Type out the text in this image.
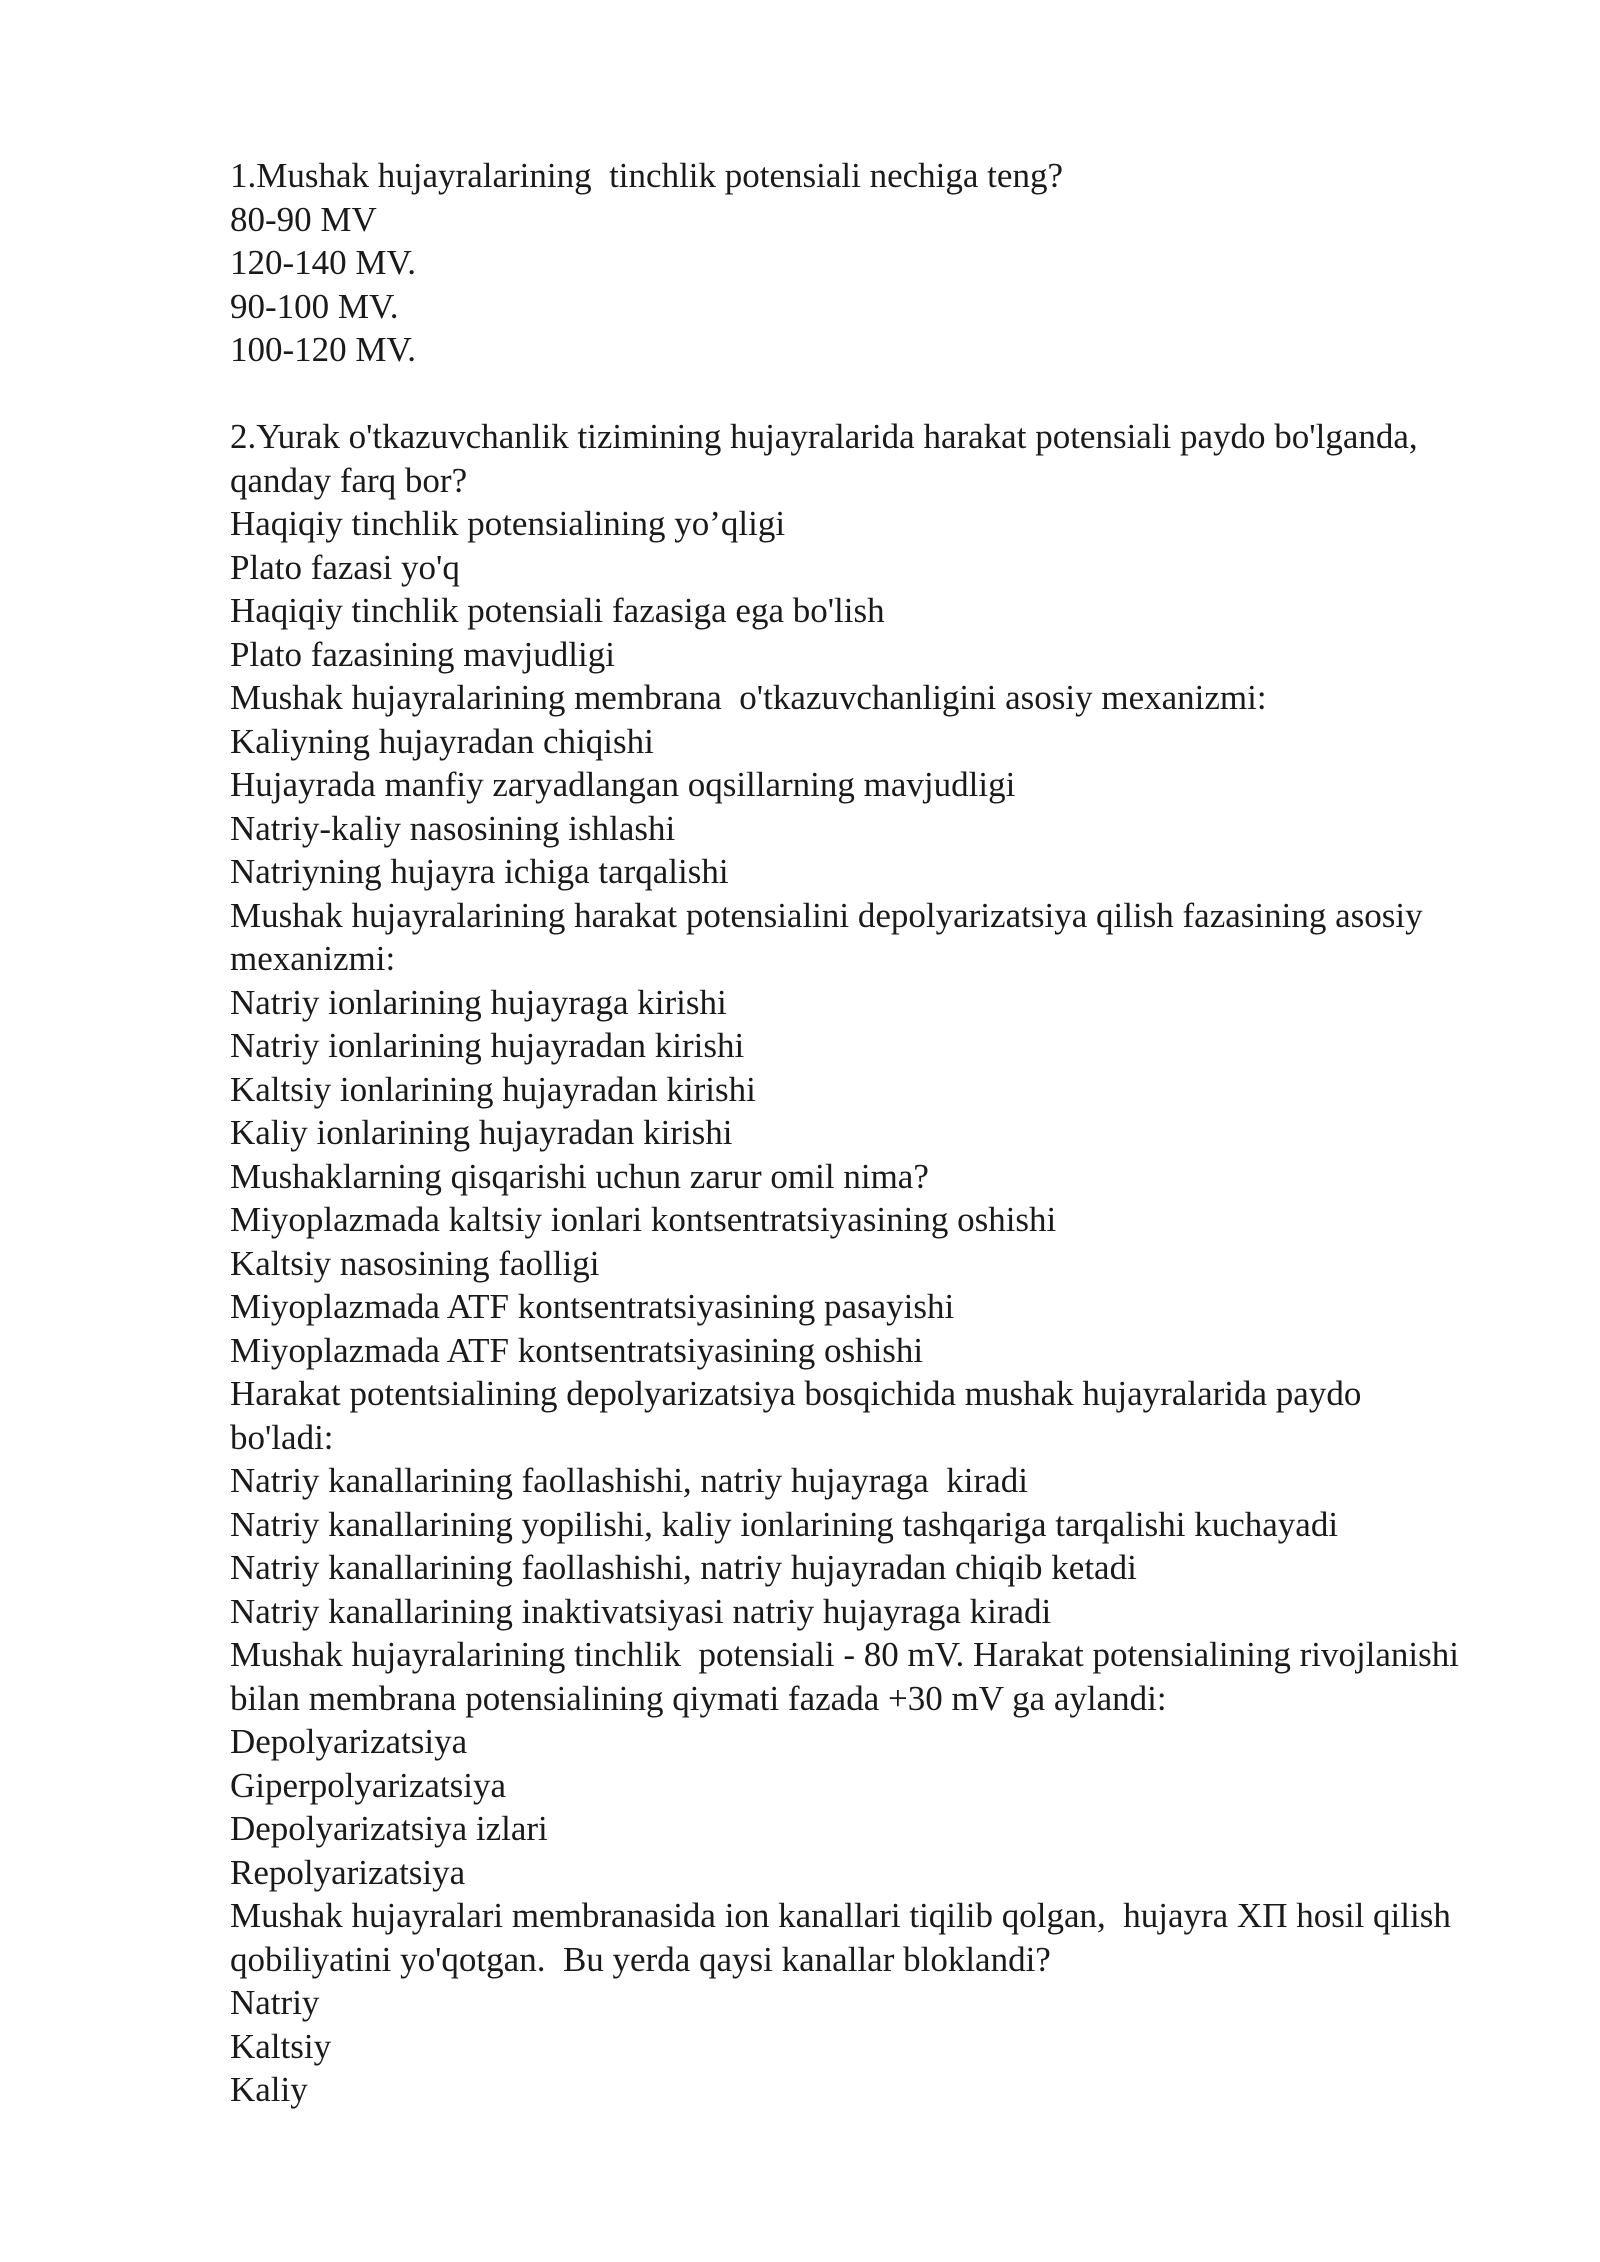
1.Mushak hujayralarining  tinchlik potensiali nechiga teng?

80-90 MV

120-140 MV.

90-100 MV.

100-120 MV.

2.Yurak o'tkazuvchanlik tizimining hujayralarida harakat potensiali paydo bo'lganda, qanday farq bor?

Haqiqiy tinchlik potensialining yo’qligi

Plato fazasi yo'q

Haqiqiy tinchlik potensiali fazasiga ega bo'lish

Plato fazasining mavjudligi

Mushak hujayralarining membrana  o'tkazuvchanligini asosiy mexanizmi:

Kaliyning hujayradan chiqishi

Hujayrada manfiy zaryadlangan oqsillarning mavjudligi

Natriy-kaliy nasosining ishlashi

Natriyning hujayra ichiga tarqalishi

Mushak hujayralarining harakat potensialini depolyarizatsiya qilish fazasining asosiy mexanizmi:

Natriy ionlarining hujayraga kirishi

Natriy ionlarining hujayradan kirishi

Kaltsiy ionlarining hujayradan kirishi

Kaliy ionlarining hujayradan kirishi

Mushaklarning qisqarishi uchun zarur omil nima?

Miyoplazmada kaltsiy ionlari kontsentratsiyasining oshishi

Kaltsiy nasosining faolligi

Miyoplazmada ATF kontsentratsiyasining pasayishi

Miyoplazmada ATF kontsentratsiyasining oshishi

Harakat potentsialining depolyarizatsiya bosqichida mushak hujayralarida paydo bo'ladi:

Natriy kanallarining faollashishi, natriy hujayraga  kiradi

Natriy kanallarining yopilishi, kaliy ionlarining tashqariga tarqalishi kuchayadi

Natriy kanallarining faollashishi, natriy hujayradan chiqib ketadi

Natriy kanallarining inaktivatsiyasi natriy hujayraga kiradi

Mushak hujayralarining tinchlik  potensiali - 80 mV. Harakat potensialining rivojlanishi bilan membrana potensialining qiymati fazada +30 mV ga aylandi:

Depolyarizatsiya

Giperpolyarizatsiya

Depolyarizatsiya izlari

Repolyarizatsiya

Mushak hujayralari membranasida ion kanallari tiqilib qolgan,  hujayra XП hosil qilish qobiliyatini yo'qotgan.  Bu yerda qaysi kanallar bloklandi?

Natriy

Kaltsiy

Kaliy
